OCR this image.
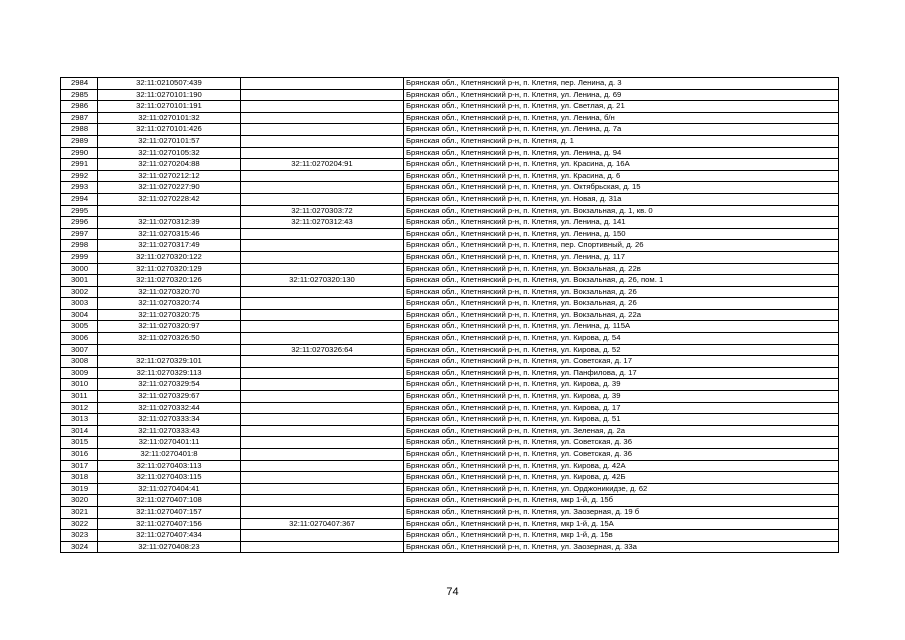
2984	32:11:0210507:439		Брянская обл., Клетнянский р-н, п. Клетня, пер. Ленина, д. 3
2985	32:11:0270101:190		Брянская обл., Клетнянский р-н, п. Клетня, ул. Ленина, д. 69
2986	32:11:0270101:191		Брянская обл., Клетнянский р-н, п. Клетня, ул. Светлая, д. 21
2987	32:11:0270101:32		Брянская обл., Клетнянский р-н, п. Клетня, ул. Ленина, б/н
2988	32:11:0270101:426		Брянская обл., Клетнянский р-н, п. Клетня, ул. Ленина, д. 7а
2989	32:11:0270101:57		Брянская обл., Клетнянский р-н, п. Клетня, д. 1
2990	32:11:0270105:32		Брянская обл., Клетнянский р-н, п. Клетня, ул. Ленина, д. 94
2991	32:11:0270204:88	32:11:0270204:91	Брянская обл., Клетнянский р-н, п. Клетня, ул. Красина, д. 16А
2992	32:11:0270212:12		Брянская обл., Клетнянский р-н, п. Клетня, ул. Красина, д. 6
2993	32:11:0270227:90		Брянская обл., Клетнянский р-н, п. Клетня, ул. Октябрьская, д. 15
2994	32:11:0270228:42		Брянская обл., Клетнянский р-н, п. Клетня, ул. Новая, д. 31а
2995		32:11:0270303:72	Брянская обл., Клетнянский р-н, п. Клетня, ул. Вокзальная, д. 1, кв. 0
2996	32:11:0270312:39	32:11:0270312:43	Брянская обл., Клетнянский р-н, п. Клетня, ул. Ленина, д. 141
2997	32:11:0270315:46		Брянская обл., Клетнянский р-н, п. Клетня, ул. Ленина, д. 150
2998	32:11:0270317:49		Брянская обл., Клетнянский р-н, п. Клетня, пер. Спортивный, д. 26
2999	32:11:0270320:122		Брянская обл., Клетнянский р-н, п. Клетня, ул. Ленина, д. 117
3000	32:11:0270320:129		Брянская обл., Клетнянский р-н, п. Клетня, ул. Вокзальная, д. 22в
3001	32:11:0270320:126	32:11:0270320:130	Брянская обл., Клетнянский р-н, п. Клетня, ул. Вокзальная, д. 26, пом. 1
3002	32:11:0270320:70		Брянская обл., Клетнянский р-н, п. Клетня, ул. Вокзальная, д. 26
3003	32:11:0270320:74		Брянская обл., Клетнянский р-н, п. Клетня, ул. Вокзальная, д. 26
3004	32:11:0270320:75		Брянская обл., Клетнянский р-н, п. Клетня, ул. Вокзальная, д. 22а
3005	32:11:0270320:97		Брянская обл., Клетнянский р-н, п. Клетня, ул. Ленина, д. 115А
3006	32:11:0270326:50		Брянская обл., Клетнянский р-н, п. Клетня, ул. Кирова, д. 54
3007		32:11:0270326:64	Брянская обл., Клетнянский р-н, п. Клетня, ул. Кирова, д. 52
3008	32:11:0270329:101		Брянская обл., Клетнянский р-н, п. Клетня, ул. Советская, д. 17
3009	32:11:0270329:113		Брянская обл., Клетнянский р-н, п. Клетня, ул. Панфилова, д. 17
3010	32:11:0270329:54		Брянская обл., Клетнянский р-н, п. Клетня, ул. Кирова, д. 39
3011	32:11:0270329:67		Брянская обл., Клетнянский р-н, п. Клетня, ул. Кирова, д. 39
3012	32:11:0270332:44		Брянская обл., Клетнянский р-н, п. Клетня, ул. Кирова, д. 17
3013	32:11:0270333:34		Брянская обл., Клетнянский р-н, п. Клетня, ул. Кирова, д. 51
3014	32:11:0270333:43		Брянская обл., Клетнянский р-н, п. Клетня, ул. Зеленая, д. 2а
3015	32:11:0270401:11		Брянская обл., Клетнянский р-н, п. Клетня, ул. Советская, д. 36
3016	32:11:0270401:8		Брянская обл., Клетнянский р-н, п. Клетня, ул. Советская, д. 36
3017	32:11:0270403:113		Брянская обл., Клетнянский р-н, п. Клетня, ул. Кирова, д. 42А
3018	32:11:0270403:115		Брянская обл., Клетнянский р-н, п. Клетня, ул. Кирова, д. 42Б
3019	32:11:0270404:41		Брянская обл., Клетнянский р-н, п. Клетня, ул. Орджоникидзе, д. 62
3020	32:11:0270407:108		Брянская обл., Клетнянский р-н, п. Клетня, мкр 1-й, д. 15б
3021	32:11:0270407:157		Брянская обл., Клетнянский р-н, п. Клетня, ул. Заозерная, д. 19 б
3022	32:11:0270407:156	32:11:0270407:367	Брянская обл., Клетнянский р-н, п. Клетня, мкр 1-й, д. 15А
3023	32:11:0270407:434		Брянская обл., Клетнянский р-н, п. Клетня, мкр 1-й, д. 15в
3024	32:11:0270408:23		Брянская обл., Клетнянский р-н, п. Клетня, ул. Заозерная, д. 33а
74
